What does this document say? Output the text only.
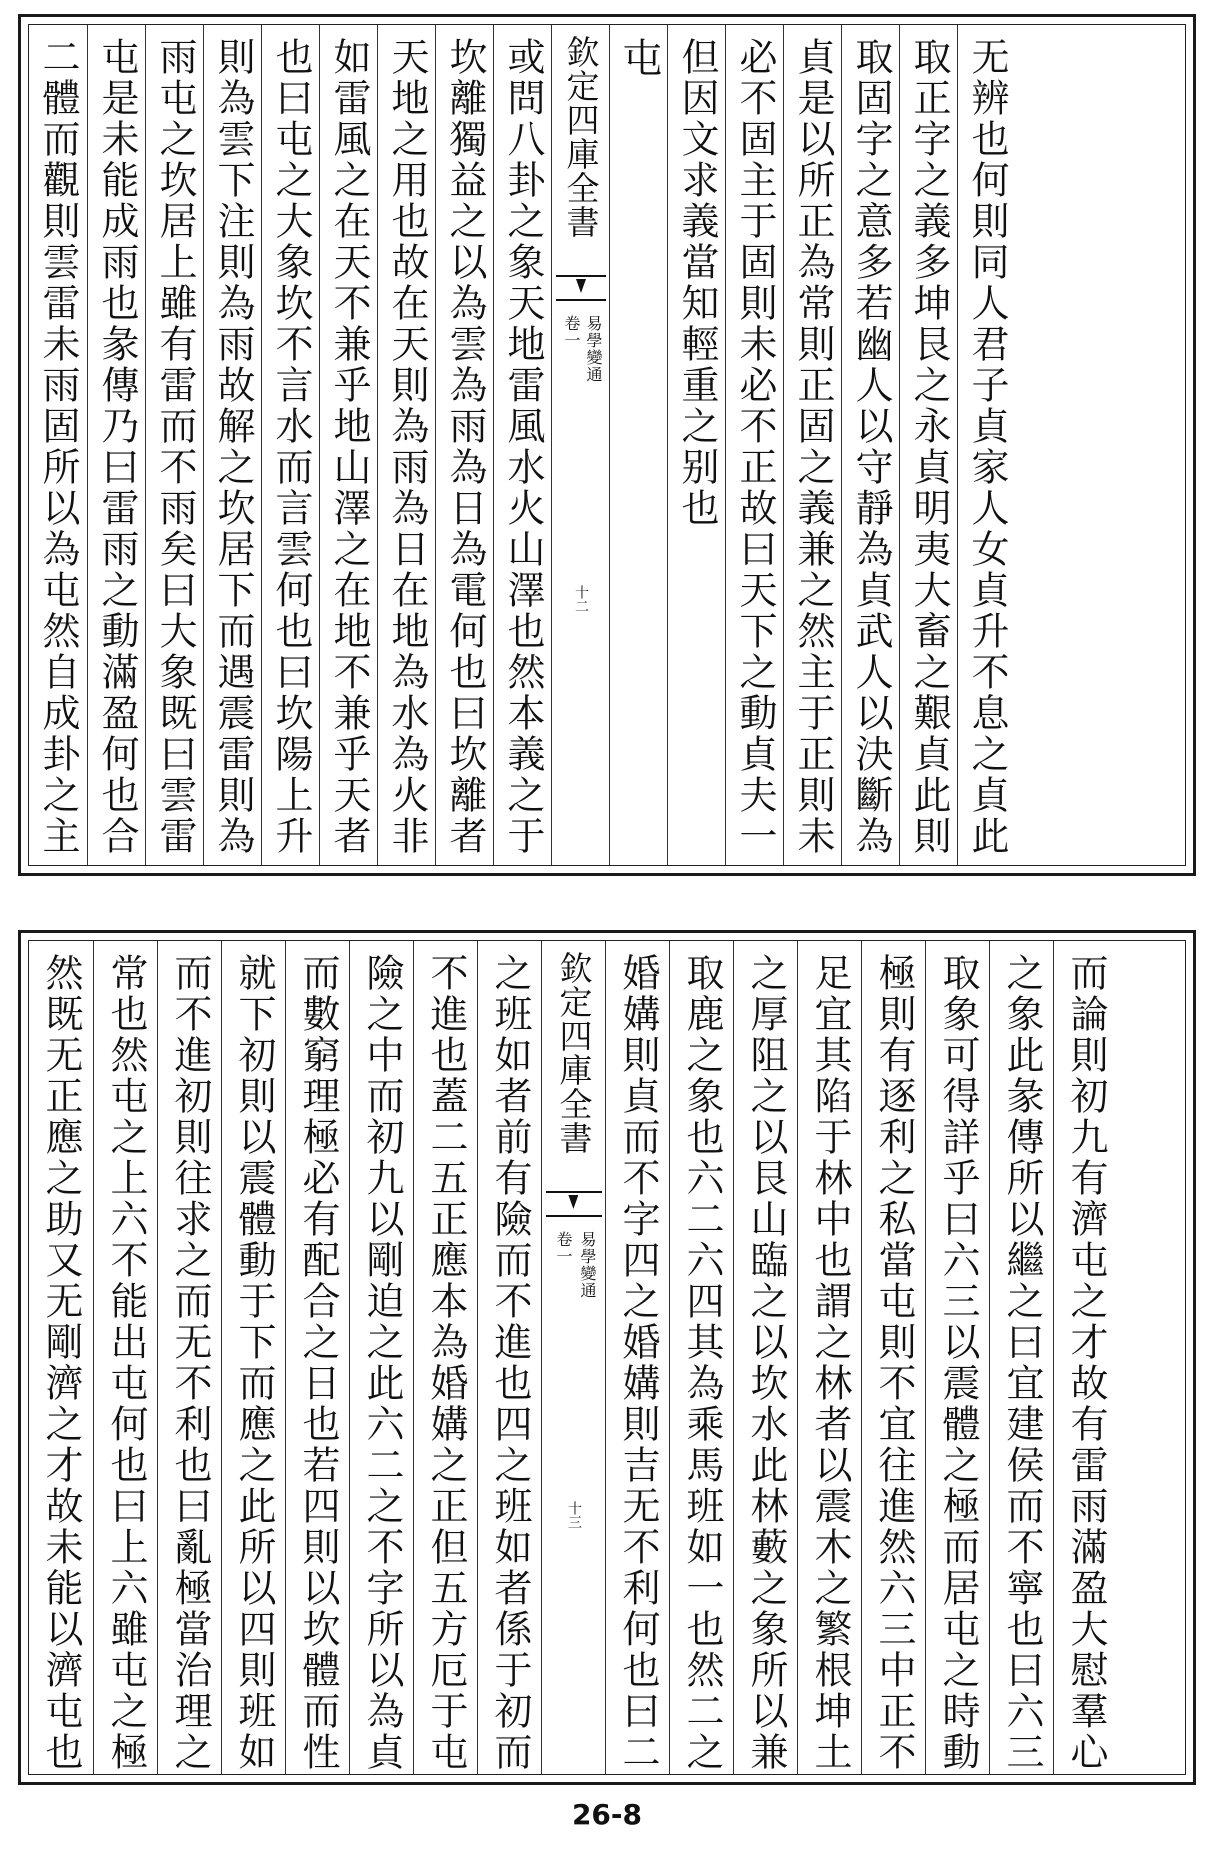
二體而觀則雲雷未雨固所以為屯然自成卦之主 屯是未能成雨也彖傳乃曰雷雨之動滿盈何也合 雨屯之坎居上雖有雷而不雨矣曰大象既曰雲雷 則為雲下注則為雨故解之坎居下而遇震雷則為 也曰屯之大象坎不言水而言雲何也曰坎陽上升 如雷風之在天不兼乎地山澤之在地不兼乎天者 天地之用也故在天則為雨為日在地為水為火非 坎離獨益之以為雲為雨為日為電何也曰坎離者 或問八卦之象天地雷風水火山澤也然本義之于 欽定四庫全書
易學變通
卷一
十二
屯 但因文求義當知輕重之别也 必不固主于固則未必不正故曰天下之動貞夫一 貞是以所正為常則正固之義兼之然主于正則未 取固字之意多若幽人以守靜為貞武人以決斷為 取正字之義多坤艮之永貞明夷大畜之艱貞此則 无辨也何則同人君子貞家人女貞升不息之貞此
然既无正應之助又无剛濟之才故未能以濟屯也 常也然屯之上六不能出屯何也曰上六雖屯之極 而不進初則往求之而无不利也曰亂極當治理之 就下初則以震體動于下而應之此所以四則班如 而數窮理極必有配合之日也若四則以坎體而性 險之中而初九以剛迫之此六二之不字所以為貞 不進也蓋二五正應本為婚媾之正但五方厄于屯 之班如者前有險而不進也四之班如者係于初而 欽定四庫全書
易學變通
卷一
十三 婚媾則貞而不字四之婚媾則吉无不利何也曰二 取鹿之象也六二六四其為乘馬班如一也然二之 之厚阻之以艮山臨之以坎水此林藪之象所以兼 足宜其陷于林中也謂之林者以震木之繁根坤土 極則有逐利之私當屯則不宜往進然六三中正不 取象可得詳乎曰六三以震體之極而居屯之時動 之象此彖傳所以繼之曰宜建侯而不寧也曰六三 而論則初九有濟屯之才故有雷雨滿盈大慰羣心
26-8
